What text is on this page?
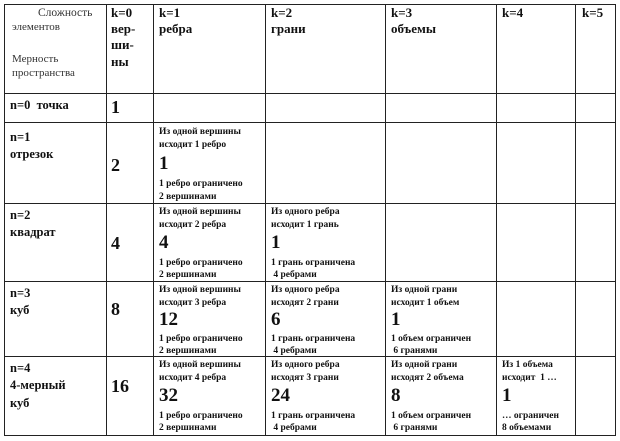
Сложность
элементов
Мерность
пространства
k=0
вер-
ши-
ны
k=1
ребра
k=2
грани
k=3
объемы
k=4	k=5
n=0  точка 1
n=1
отрезок
2
Из одной вершины
исходит 1 ребро
1
1 ребро ограничено
2 вершинами
n=2
квадрат
4
Из одной вершины
исходит 2 ребра
4
1 ребро ограничено
2 вершинами
Из одного ребра
исходит 1 грань
1
1 грань ограничена
4 ребрами
n=3
куб	8
Из одной вершины
исходит 3 ребра
12
1 ребро ограничено
2 вершинами
Из одного ребра
исходят 2 грани
6
1 грань ограничена
4 ребрами
Из одной грани
исходит 1 объем
1
1 объем ограничен
6 гранями
n=4
4-мерный
куб
16
Из одной вершины
исходит 4 ребра
32
1 ребро ограничено
2 вершинами
Из одного ребра
исходят 3 грани
24
1 грань ограничена
4 ребрами
Из одной грани
исходят 2 объема
8
1 объем ограничен
6 гранями
Из 1 объема
исходит  1 …
1
… ограничен
8 объемами
